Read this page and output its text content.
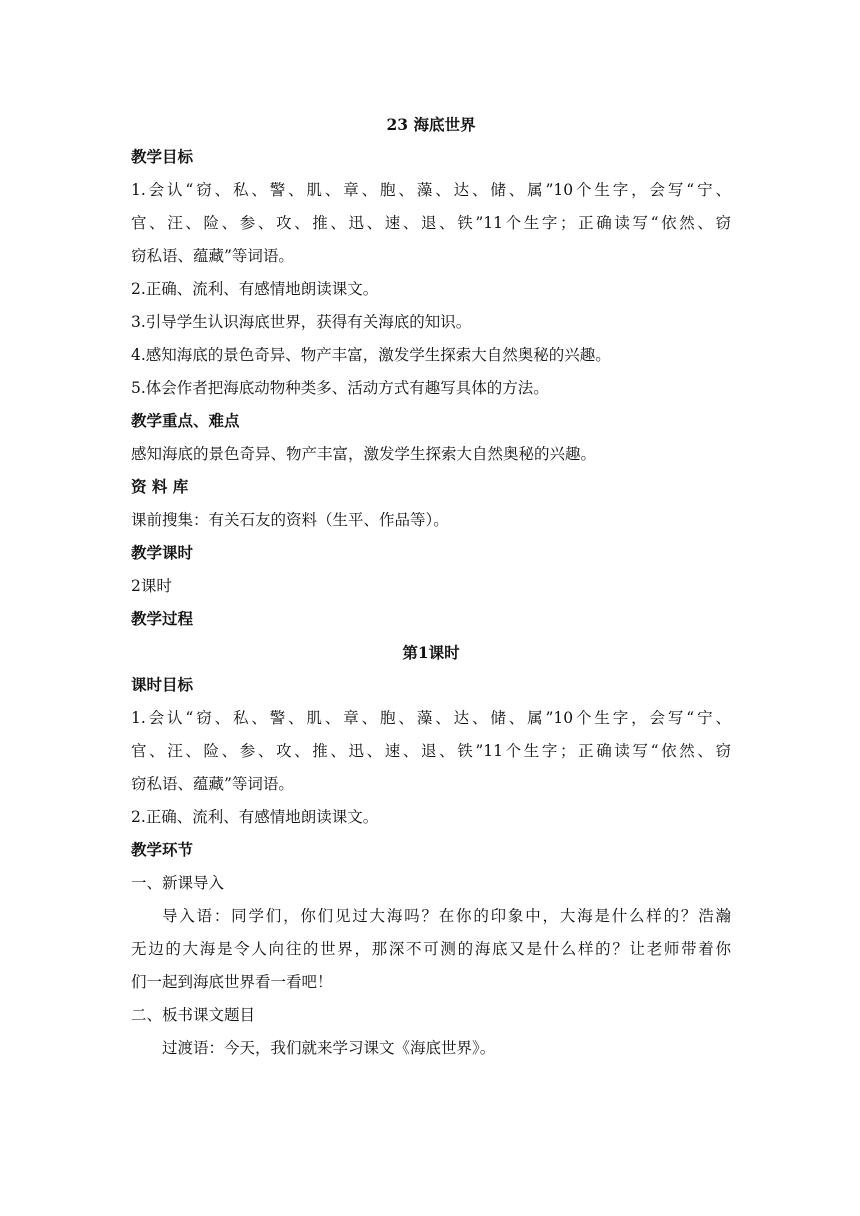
23 海底世界
教学目标
1.会认“窃、私、警、肌、章、胞、藻、达、储、属”10个生字，会写“宁、
官、汪、险、参、攻、推、迅、速、退、铁”11个生字；正确读写“依然、窃
窃私语、蕴藏”等词语。
2.正确、流利、有感情地朗读课文。
3.引导学生认识海底世界，获得有关海底的知识。
4.感知海底的景色奇异、物产丰富，激发学生探索大自然奥秘的兴趣。
5.体会作者把海底动物种类多、活动方式有趣写具体的方法。
教学重点、难点
感知海底的景色奇异、物产丰富，激发学生探索大自然奥秘的兴趣。
资 料 库
课前搜集：有关石友的资料（生平、作品等）。
教学课时
2课时
教学过程
第1课时
课时目标
1.会认“窃、私、警、肌、章、胞、藻、达、储、属”10个生字，会写“宁、
官、汪、险、参、攻、推、迅、速、退、铁”11个生字；正确读写“依然、窃
窃私语、蕴藏”等词语。
2.正确、流利、有感情地朗读课文。
教学环节
一、新课导入
导入语：同学们，你们见过大海吗？在你的印象中，大海是什么样的？浩瀚
无边的大海是令人向往的世界，那深不可测的海底又是什么样的？让老师带着你
们一起到海底世界看一看吧！
二、板书课文题目
过渡语：今天，我们就来学习课文《海底世界》。
